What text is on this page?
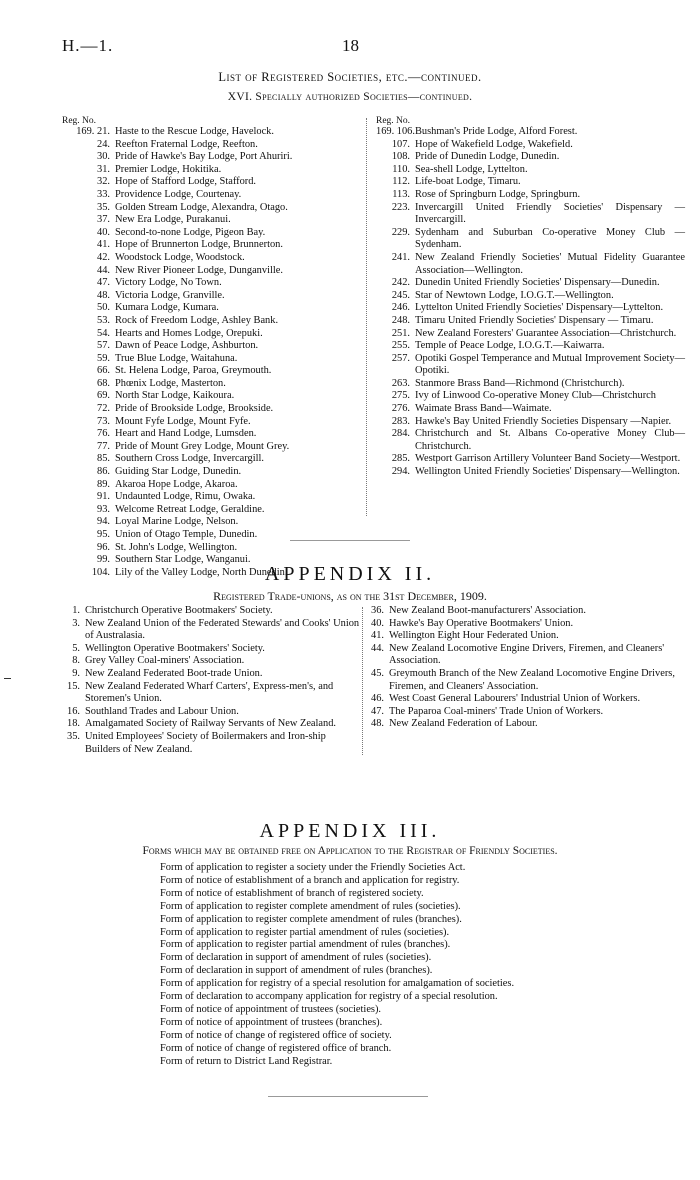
H.—1.	18
List of Registered Societies, etc.—continued.
XVI. Specially authorized Societies—continued.
Reg. No.
169. 21. Haste to the Rescue Lodge, Havelock.
24. Reefton Fraternal Lodge, Reefton.
30. Pride of Hawke's Bay Lodge, Port Ahuriri.
31. Premier Lodge, Hokitika.
32. Hope of Stafford Lodge, Stafford.
33. Providence Lodge, Courtenay.
35. Golden Stream Lodge, Alexandra, Otago.
37. New Era Lodge, Purakanui.
40. Second-to-none Lodge, Pigeon Bay.
41. Hope of Brunnerton Lodge, Brunnerton.
42. Woodstock Lodge, Woodstock.
44. New River Pioneer Lodge, Dunganville.
47. Victory Lodge, No Town.
48. Victoria Lodge, Granville.
50. Kumara Lodge, Kumara.
53. Rock of Freedom Lodge, Ashley Bank.
54. Hearts and Homes Lodge, Orepuki.
57. Dawn of Peace Lodge, Ashburton.
59. True Blue Lodge, Waitahuna.
66. St. Helena Lodge, Paroa, Greymouth.
68. Phœnix Lodge, Masterton.
69. North Star Lodge, Kaikoura.
72. Pride of Brookside Lodge, Brookside.
73. Mount Fyfe Lodge, Mount Fyfe.
76. Heart and Hand Lodge, Lumsden.
77. Pride of Mount Grey Lodge, Mount Grey.
85. Southern Cross Lodge, Invercargill.
86. Guiding Star Lodge, Dunedin.
89. Akaroa Hope Lodge, Akaroa.
91. Undaunted Lodge, Rimu, Owaka.
93. Welcome Retreat Lodge, Geraldine.
94. Loyal Marine Lodge, Nelson.
95. Union of Otago Temple, Dunedin.
96. St. John's Lodge, Wellington.
99. Southern Star Lodge, Wanganui.
104. Lily of the Valley Lodge, North Dunedin.
Reg. No.
169. 106. Bushman's Pride Lodge, Alford Forest.
107. Hope of Wakefield Lodge, Wakefield.
108. Pride of Dunedin Lodge, Dunedin.
110. Sea-shell Lodge, Lyttelton.
112. Life-boat Lodge, Timaru.
113. Rose of Springburn Lodge, Springburn.
223. Invercargill United Friendly Societies' Dispensary —Invercargill.
229. Sydenham and Suburban Co-operative Money Club —Sydenham.
241. New Zealand Friendly Societies' Mutual Fidelity Guarantee Association—Wellington.
242. Dunedin United Friendly Societies' Dispensary—Dunedin.
245. Star of Newtown Lodge, I.O.G.T.—Wellington.
246. Lyttelton United Friendly Societies' Dispensary—Lyttelton.
248. Timaru United Friendly Societies' Dispensary — Timaru.
251. New Zealand Foresters' Guarantee Association—Christchurch.
255. Temple of Peace Lodge, I.O.G.T.—Kaiwarra.
257. Opotiki Gospel Temperance and Mutual Improvement Society—Opotiki.
263. Stanmore Brass Band—Richmond (Christchurch).
275. Ivy of Linwood Co-operative Money Club—Christchurch
276. Waimate Brass Band—Waimate.
283. Hawke's Bay United Friendly Societies Dispensary —Napier.
284. Christchurch and St. Albans Co-operative Money Club—Christchurch.
285. Westport Garrison Artillery Volunteer Band Society—Westport.
294. Wellington United Friendly Societies' Dispensary—Wellington.
APPENDIX II.
Registered Trade-unions, as on the 31st December, 1909.
1. Christchurch Operative Bootmakers' Society.
3. New Zealand Union of the Federated Stewards' and Cooks' Union of Australasia.
5. Wellington Operative Bootmakers' Society.
8. Grey Valley Coal-miners' Association.
9. New Zealand Federated Boot-trade Union.
15. New Zealand Federated Wharf Carters', Express-men's, and Storemen's Union.
16. Southland Trades and Labour Union.
18. Amalgamated Society of Railway Servants of New Zealand.
35. United Employees' Society of Boilermakers and Iron-ship Builders of New Zealand.
36. New Zealand Boot-manufacturers' Association.
40. Hawke's Bay Operative Bootmakers' Union.
41. Wellington Eight Hour Federated Union.
44. New Zealand Locomotive Engine Drivers, Firemen, and Cleaners' Association.
45. Greymouth Branch of the New Zealand Locomotive Engine Drivers, Firemen, and Cleaners' Association.
46. West Coast General Labourers' Industrial Union of Workers.
47. The Paparoa Coal-miners' Trade Union of Workers.
48. New Zealand Federation of Labour.
APPENDIX III.
Forms which may be obtained free on Application to the Registrar of Friendly Societies.
Form of application to register a society under the Friendly Societies Act.
Form of notice of establishment of a branch and application for registry.
Form of notice of establishment of branch of registered society.
Form of application to register complete amendment of rules (societies).
Form of application to register complete amendment of rules (branches).
Form of application to register partial amendment of rules (societies).
Form of application to register partial amendment of rules (branches).
Form of declaration in support of amendment of rules (societies).
Form of declaration in support of amendment of rules (branches).
Form of application for registry of a special resolution for amalgamation of societies.
Form of declaration to accompany application for registry of a special resolution.
Form of notice of appointment of trustees (societies).
Form of notice of appointment of trustees (branches).
Form of notice of change of registered office of society.
Form of notice of change of registered office of branch.
Form of return to District Land Registrar.
